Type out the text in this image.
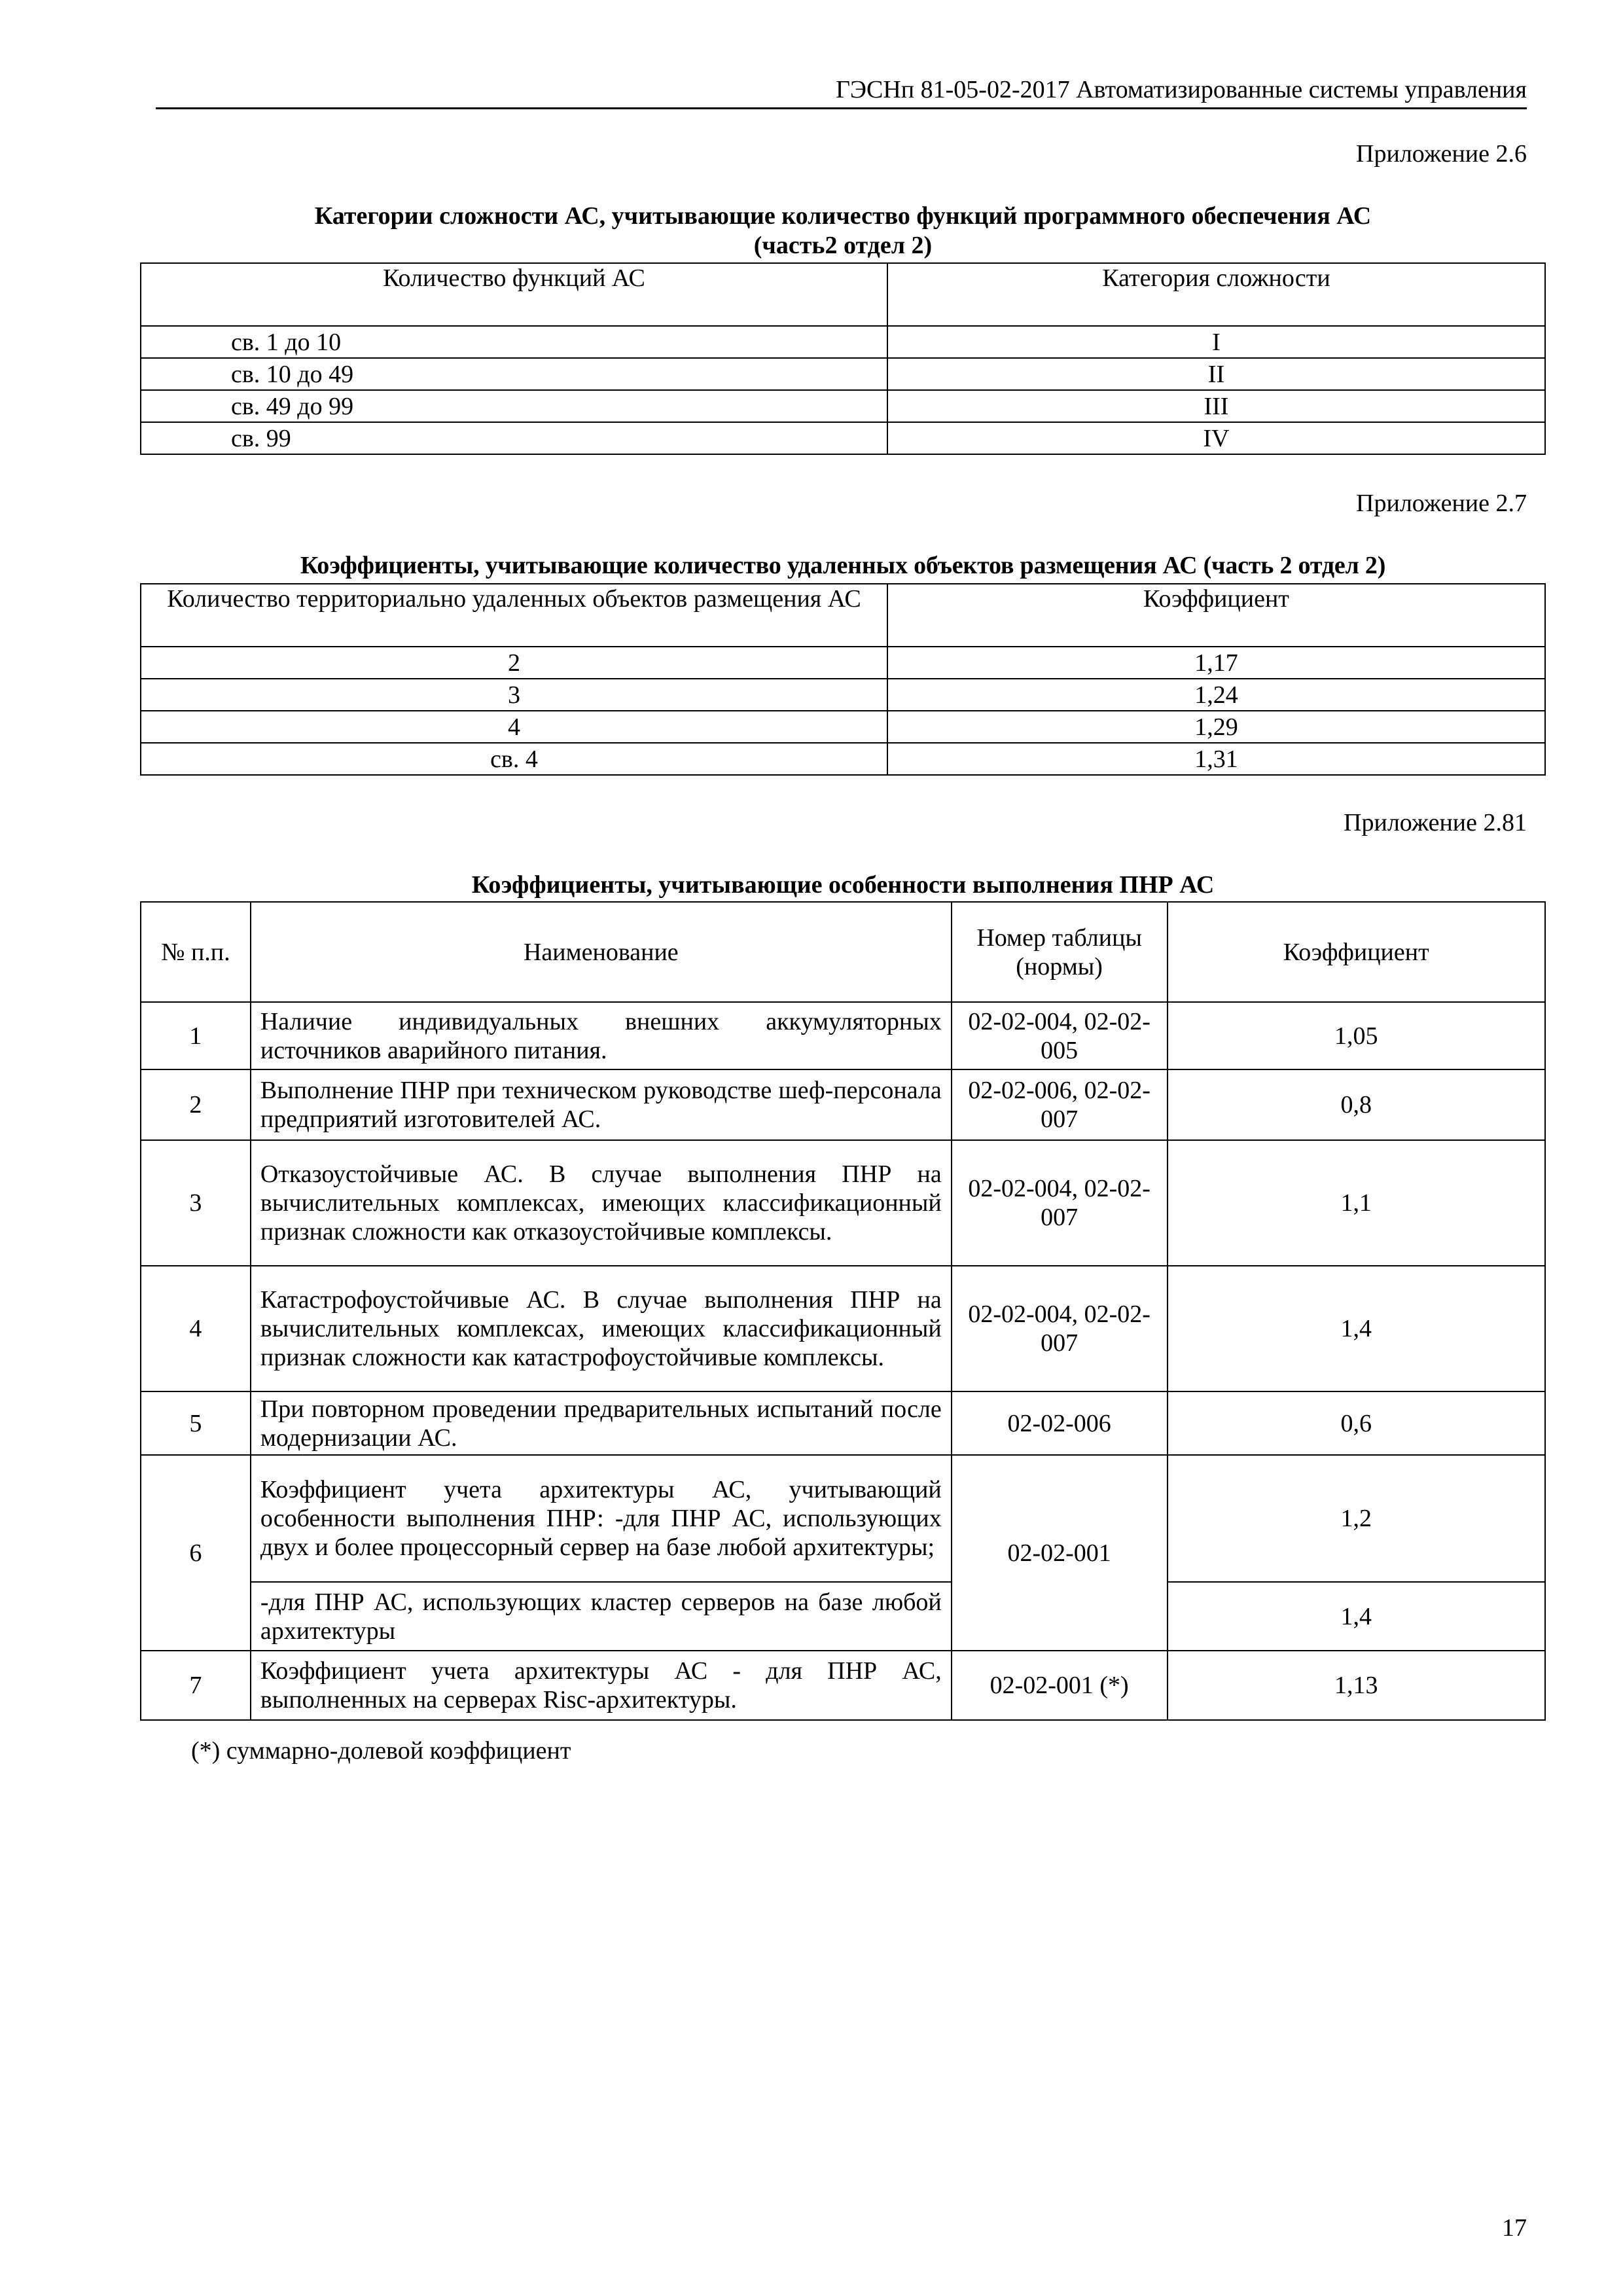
ГЭСНп 81-05-02-2017 Автоматизированные системы управления
Приложение 2.6
Категории сложности АС, учитывающие количество функций программного обеспечения АС
(часть2 отдел 2)
Количество функций АС	Категория сложности
св. 1 до 10	I
св. 10 до 49	II
св. 49 до 99	III
св. 99	IV
Приложение 2.7
Коэффициенты, учитывающие количество удаленных объектов размещения АС (часть 2 отдел 2)
Количество территориально удаленных объектов размещения АС	Коэффициент
2	1,17
3	1,24
4	1,29
св. 4	1,31
Приложение 2.81
Коэффициенты, учитывающие особенности выполнения ПНР АС
№ п.п.	Наименование	Номер таблицы (нормы)	Коэффициент
1	Наличие индивидуальных внешних аккумуляторных источников аварийного питания.	02-02-004, 02-02-005	1,05
2	Выполнение ПНР при техническом руководстве шеф-персонала предприятий изготовителей АС.	02-02-006, 02-02-007	0,8
3	Отказоустойчивые АС. В случае выполнения ПНР на вычислительных комплексах, имеющих классификационный признак сложности как отказоустойчивые комплексы.	02-02-004, 02-02-007	1,1
4	Катастрофоустойчивые АС. В случае выполнения ПНР на вычислительных комплексах, имеющих классификационный признак сложности как катастрофоустойчивые комплексы.	02-02-004, 02-02-007	1,4
5	При повторном проведении предварительных испытаний после модернизации АС.	02-02-006	0,6
6	Коэффициент учета архитектуры АС, учитывающий особенности выполнения ПНР: -для ПНР АС, использующих двух и более процессорный сервер на базе любой архитектуры;	02-02-001	1,2
	-для ПНР АС, использующих кластер серверов на базе любой архитектуры		1,4
7	Коэффициент учета архитектуры АС - для ПНР АС, выполненных на серверах Risc-архитектуры.	02-02-001 (*)	1,13
(*) суммарно-долевой коэффициент
17
